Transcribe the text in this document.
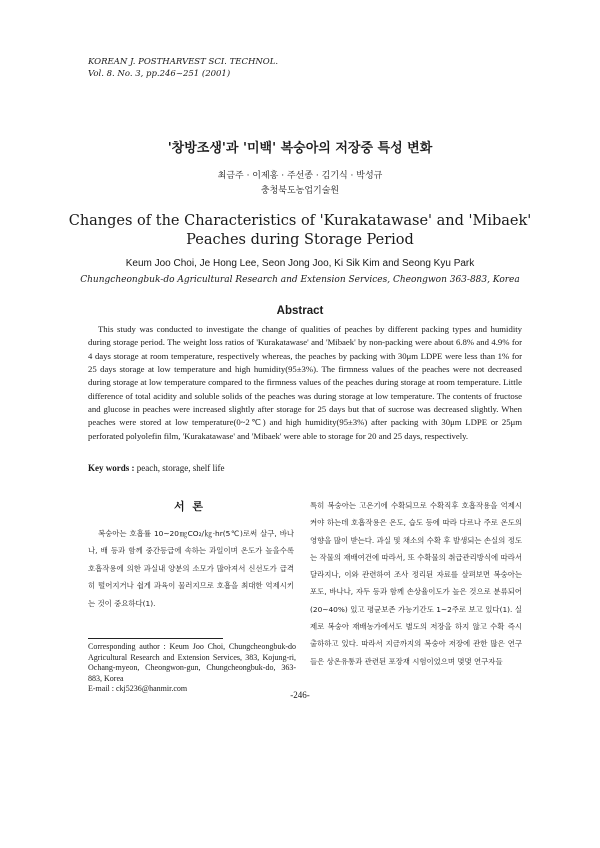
KOREAN J. POSTHARVEST SCI. TECHNOL.
Vol. 8. No. 3, pp.246~251 (2001)
'창방조생'과 '미백' 복숭아의 저장중 특성 변화
최금주 · 이제홍 · 주선종 · 김기식 · 박성규
충청북도농업기술원
Changes of the Characteristics of 'Kurakatawase' and 'Mibaek'
Peaches during Storage Period
Keum Joo Choi, Je Hong Lee, Seon Jong Joo, Ki Sik Kim and Seong Kyu Park
Chungcheongbuk-do Agricultural Research and Extension Services, Cheongwon 363-883, Korea
Abstract

This study was conducted to investigate the change of qualities of peaches by different packing types and humidity during storage period. The weight loss ratios of 'Kurakatawase' and 'Mibaek' by non-packing were about 6.8% and 4.9% for 4 days storage at room temperature, respectively whereas, the peaches by packing with 30μm LDPE were less than 1% for 25 days storage at low temperature and high humidity(95±3%). The firmness values of the peaches were not decreased during storage at low temperature compared to the firmness values of the peaches during storage at room temperature. Little difference of total acidity and soluble solids of the peaches was during storage at low temperature. The contents of fructose and glucose in peaches were increased slightly after storage for 25 days but that of sucrose was decreased slightly. When peaches were stored at low temperature(0~2℃) and high humidity(95±3%) after packing with 30μm LDPE or 25μm perforated polyolefin film, 'Kurakatawase' and 'Mibaek' were able to storage for 20 and 25 days, respectively.

Key words : peach, storage, shelf life
서 론

복숭아는 호흡률 10~20㎎CO₂/㎏·hr(5℃)로써 살구, 바나나, 배 등과 함께 중간등급에 속하는 과일이며 온도가 높을수록 호흡작용에 의한 과실내 양분의 소모가 많아져서 신선도가 급격히 떨어지거나 쉽게 과육이 물러지므로 호흡을 최대한 억제시키는 것이 중요하다(1).

특히 복숭아는 고온기에 수확되므로 수확직후 호흡작용을 억제시켜야 하는데 호흡작용은 온도, 습도 등에 따라 다르나 주로 온도의 영향을 많이 받는다. 과실 및 채소의 수확 후 발생되는 손실의 정도는 작물의 재배여건에 따라서, 또 수확물의 취급관리방식에 따라서 달라지나, 이와 관련하여 조사 정리된 자료를 살펴보면 복숭아는 포도, 바나나, 자두 등과 함께 손상율이도가 높은 것으로 분류되어(20~40%) 있고 평균보존 가능기간도 1~2주로 보고 있다(1). 실제로 복숭아 재배농가에서도 별도의 저장을 하지 않고 수확 즉시 출하하고 있다. 따라서 지금까지의 복숭아 저장에 관한 많은 연구들은 상온유통과 관련된 포장재 시험이었으며 몇몇 연구자들

Corresponding author : Keum Joo Choi, Chungcheongbuk-do Agricultural Research and Extension Services, 383, Kojung-ri, Ochang-myeon, Cheongwon-gun, Chungcheongbuk-do, 363-883, Korea
E-mail : ckj5236@hanmir.com
-246-
